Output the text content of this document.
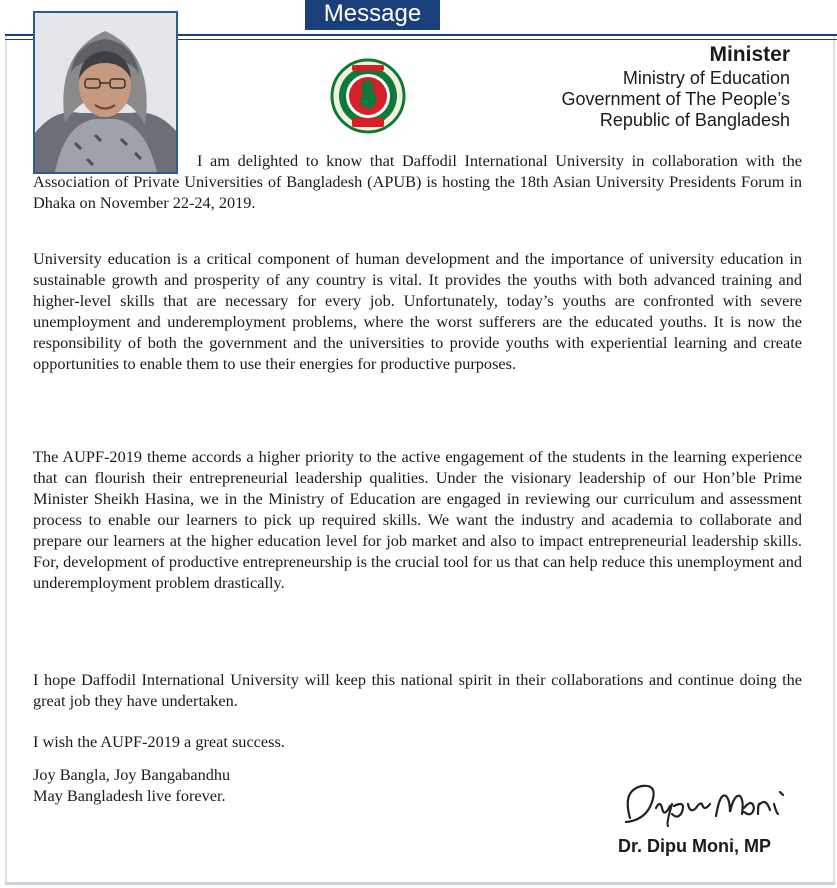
Message
Minister
Ministry of Education
Government of The People’s
Republic of Bangladesh

I am delighted to know that Daffodil International University in collaboration with the Association of Private Universities of Bangladesh (APUB) is hosting the 18th Asian University Presidents Forum in Dhaka on November 22-24, 2019.

University education is a critical component of human development and the importance of university education in sustainable growth and prosperity of any country is vital. It provides the youths with both advanced training and higher-level skills that are necessary for every job. Unfortunately, today’s youths are confronted with severe unemployment and underemployment problems, where the worst sufferers are the educated youths. It is now the responsibility of both the government and the universities to provide youths with experiential learning and create opportunities to enable them to use their energies for productive purposes.

The AUPF-2019 theme accords a higher priority to the active engagement of the students in the learning experience that can flourish their entrepreneurial leadership qualities. Under the visionary leadership of our Hon’ble Prime Minister Sheikh Hasina, we in the Ministry of Education are engaged in reviewing our curriculum and assessment process to enable our learners to pick up required skills. We want the industry and academia to collaborate and prepare our learners at the higher education level for job market and also to impact entrepreneurial leadership skills. For, development of productive entrepreneurship is the crucial tool for us that can help reduce this unemployment and underemployment problem drastically.

I hope Daffodil International University will keep this national spirit in their collaborations and continue doing the great job they have undertaken.

I wish the AUPF-2019 a great success.

Joy Bangla, Joy Bangabandhu

May Bangladesh live forever.

Dr. Dipu Moni, MP
